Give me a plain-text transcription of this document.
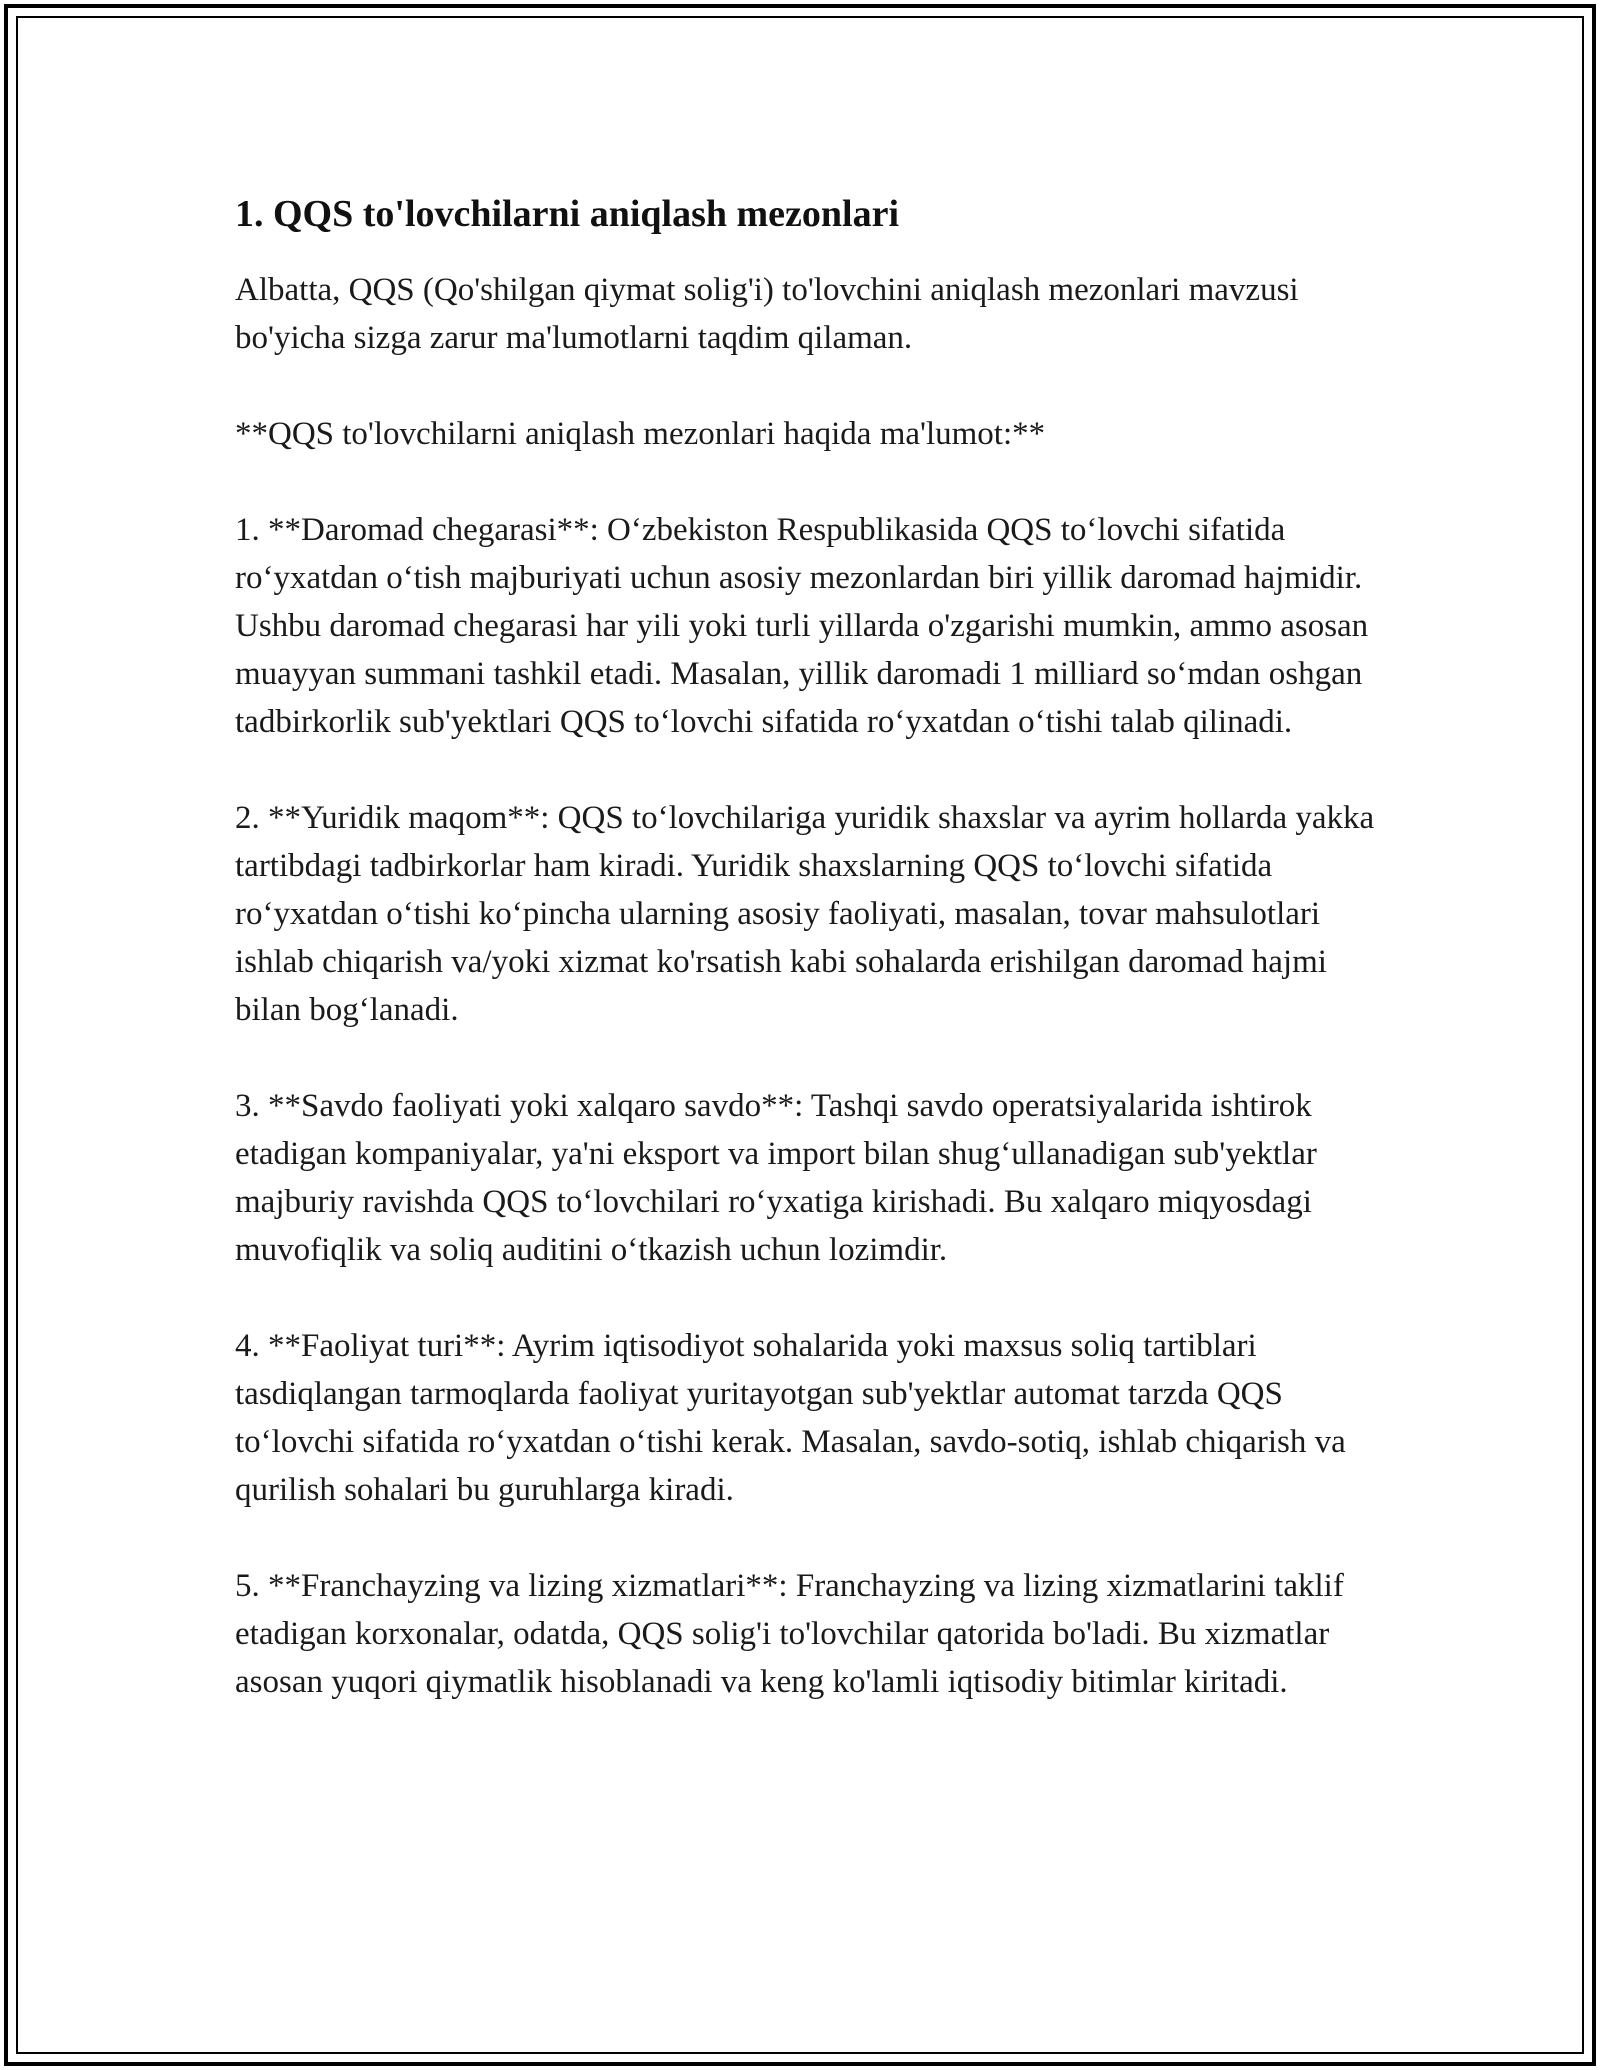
1. QQS to'lovchilarni aniqlash mezonlari

Albatta, QQS (Qo'shilgan qiymat solig'i) to'lovchini aniqlash mezonlari mavzusi bo'yicha sizga zarur ma'lumotlarni taqdim qilaman.

**QQS to'lovchilarni aniqlash mezonlari haqida ma'lumot:**

1. **Daromad chegarasi**: O‘zbekiston Respublikasida QQS to‘lovchi sifatida ro‘yxatdan o‘tish majburiyati uchun asosiy mezonlardan biri yillik daromad hajmidir. Ushbu daromad chegarasi har yili yoki turli yillarda o'zgarishi mumkin, ammo asosan muayyan summani tashkil etadi. Masalan, yillik daromadi 1 milliard so‘mdan oshgan tadbirkorlik sub'yektlari QQS to‘lovchi sifatida ro‘yxatdan o‘tishi talab qilinadi.

2. **Yuridik maqom**: QQS to‘lovchilariga yuridik shaxslar va ayrim hollarda yakka tartibdagi tadbirkorlar ham kiradi. Yuridik shaxslarning QQS to‘lovchi sifatida ro‘yxatdan o‘tishi ko‘pincha ularning asosiy faoliyati, masalan, tovar mahsulotlari ishlab chiqarish va/yoki xizmat ko'rsatish kabi sohalarda erishilgan daromad hajmi bilan bog‘lanadi.

3. **Savdo faoliyati yoki xalqaro savdo**: Tashqi savdo operatsiyalarida ishtirok etadigan kompaniyalar, ya'ni eksport va import bilan shug‘ullanadigan sub'yektlar majburiy ravishda QQS to‘lovchilari ro‘yxatiga kirishadi. Bu xalqaro miqyosdagi muvofiqlik va soliq auditini o‘tkazish uchun lozimdir.

4. **Faoliyat turi**: Ayrim iqtisodiyot sohalarida yoki maxsus soliq tartiblari tasdiqlangan tarmoqlarda faoliyat yuritayotgan sub'yektlar automat tarzda QQS to‘lovchi sifatida ro‘yxatdan o‘tishi kerak. Masalan, savdo-sotiq, ishlab chiqarish va qurilish sohalari bu guruhlarga kiradi.

5. **Franchayzing va lizing xizmatlari**: Franchayzing va lizing xizmatlarini taklif etadigan korxonalar, odatda, QQS solig'i to'lovchilar qatorida bo'ladi. Bu xizmatlar asosan yuqori qiymatlik hisoblanadi va keng ko'lamli iqtisodiy bitimlar kiritadi.
